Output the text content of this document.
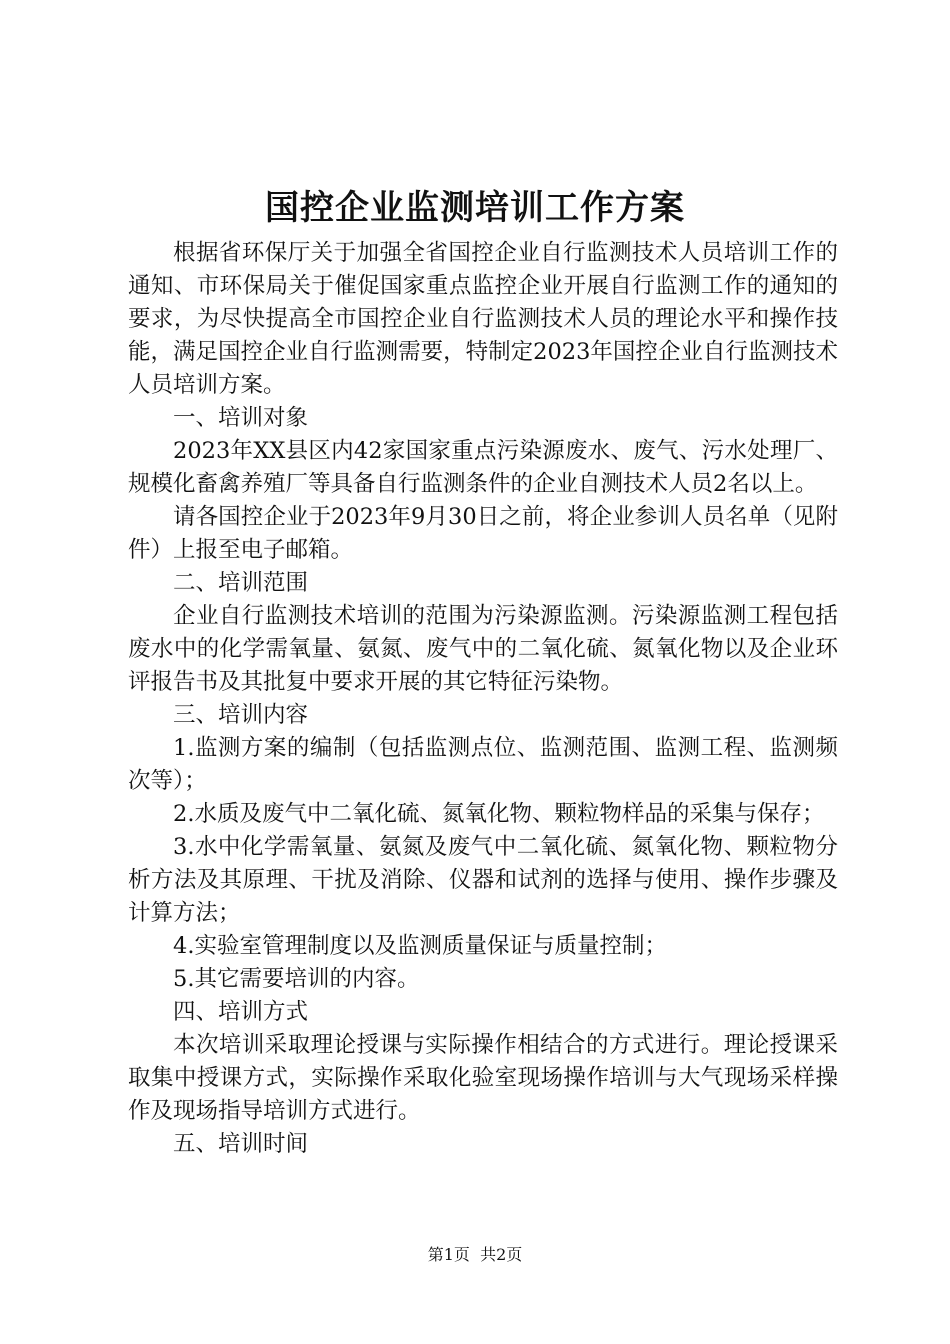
国控企业监测培训工作方案

根据省环保厅关于加强全省国控企业自行监测技术人员培训工作的通知、市环保局关于催促国家重点监控企业开展自行监测工作的通知的要求，为尽快提高全市国控企业自行监测技术人员的理论水平和操作技能，满足国控企业自行监测需要，特制定2023年国控企业自行监测技术人员培训方案。

一、培训对象

2023年XX县区内42家国家重点污染源废水、废气、污水处理厂、规模化畜禽养殖厂等具备自行监测条件的企业自测技术人员2名以上。

请各国控企业于2023年9月30日之前，将企业参训人员名单（见附件）上报至电子邮箱。

二、培训范围

企业自行监测技术培训的范围为污染源监测。污染源监测工程包括废水中的化学需氧量、氨氮、废气中的二氧化硫、氮氧化物以及企业环评报告书及其批复中要求开展的其它特征污染物。

三、培训内容

1.监测方案的编制（包括监测点位、监测范围、监测工程、监测频次等）；

2.水质及废气中二氧化硫、氮氧化物、颗粒物样品的采集与保存；

3.水中化学需氧量、氨氮及废气中二氧化硫、氮氧化物、颗粒物分析方法及其原理、干扰及消除、仪器和试剂的选择与使用、操作步骤及计算方法；

4.实验室管理制度以及监测质量保证与质量控制；

5.其它需要培训的内容。

四、培训方式

本次培训采取理论授课与实际操作相结合的方式进行。理论授课采取集中授课方式，实际操作采取化验室现场操作培训与大气现场采样操作及现场指导培训方式进行。

五、培训时间

第1页  共2页
